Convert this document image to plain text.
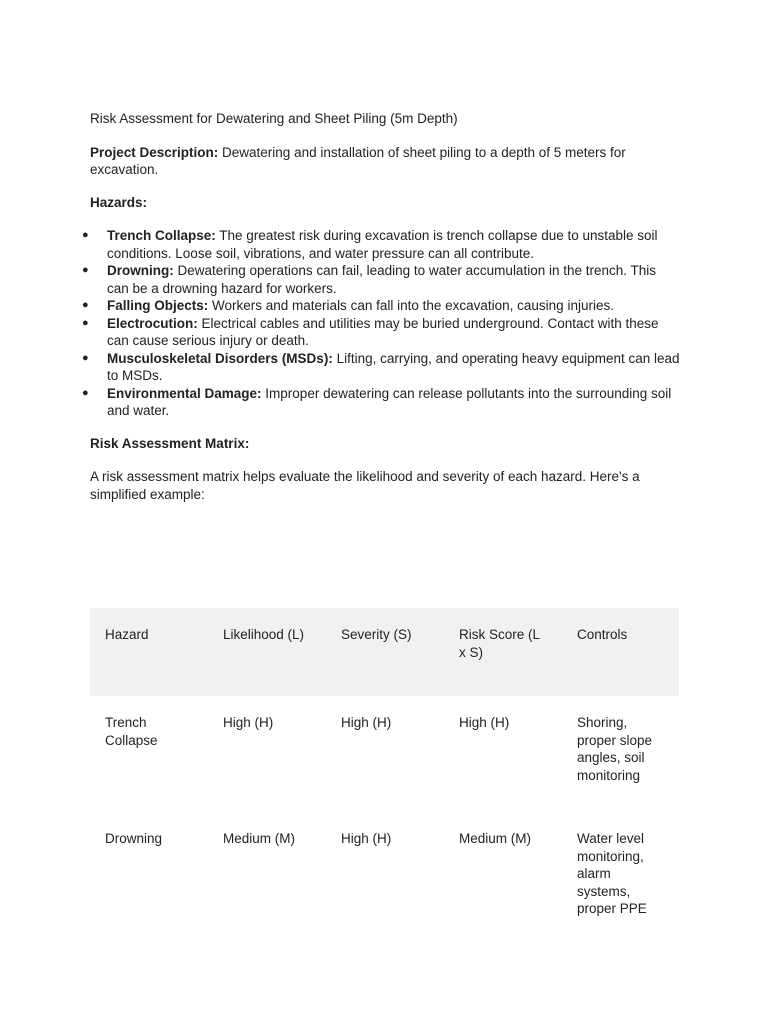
Risk Assessment for Dewatering and Sheet Piling (5m Depth)

Project Description: Dewatering and installation of sheet piling to a depth of 5 meters for excavation.

Hazards:

● Trench Collapse: The greatest risk during excavation is trench collapse due to unstable soil conditions. Loose soil, vibrations, and water pressure can all contribute.
● Drowning: Dewatering operations can fail, leading to water accumulation in the trench. This can be a drowning hazard for workers.
● Falling Objects: Workers and materials can fall into the excavation, causing injuries.
● Electrocution: Electrical cables and utilities may be buried underground. Contact with these can cause serious injury or death.
● Musculoskeletal Disorders (MSDs): Lifting, carrying, and operating heavy equipment can lead to MSDs.
● Environmental Damage: Improper dewatering can release pollutants into the surrounding soil and water.

Risk Assessment Matrix:

A risk assessment matrix helps evaluate the likelihood and severity of each hazard. Here's a simplified example:

Hazard	Likelihood (L)	Severity (S)	Risk Score (L x S)	Controls
Trench Collapse	High (H)	High (H)	High (H)	Shoring, proper slope angles, soil monitoring
Drowning	Medium (M)	High (H)	Medium (M)	Water level monitoring, alarm systems, proper PPE
